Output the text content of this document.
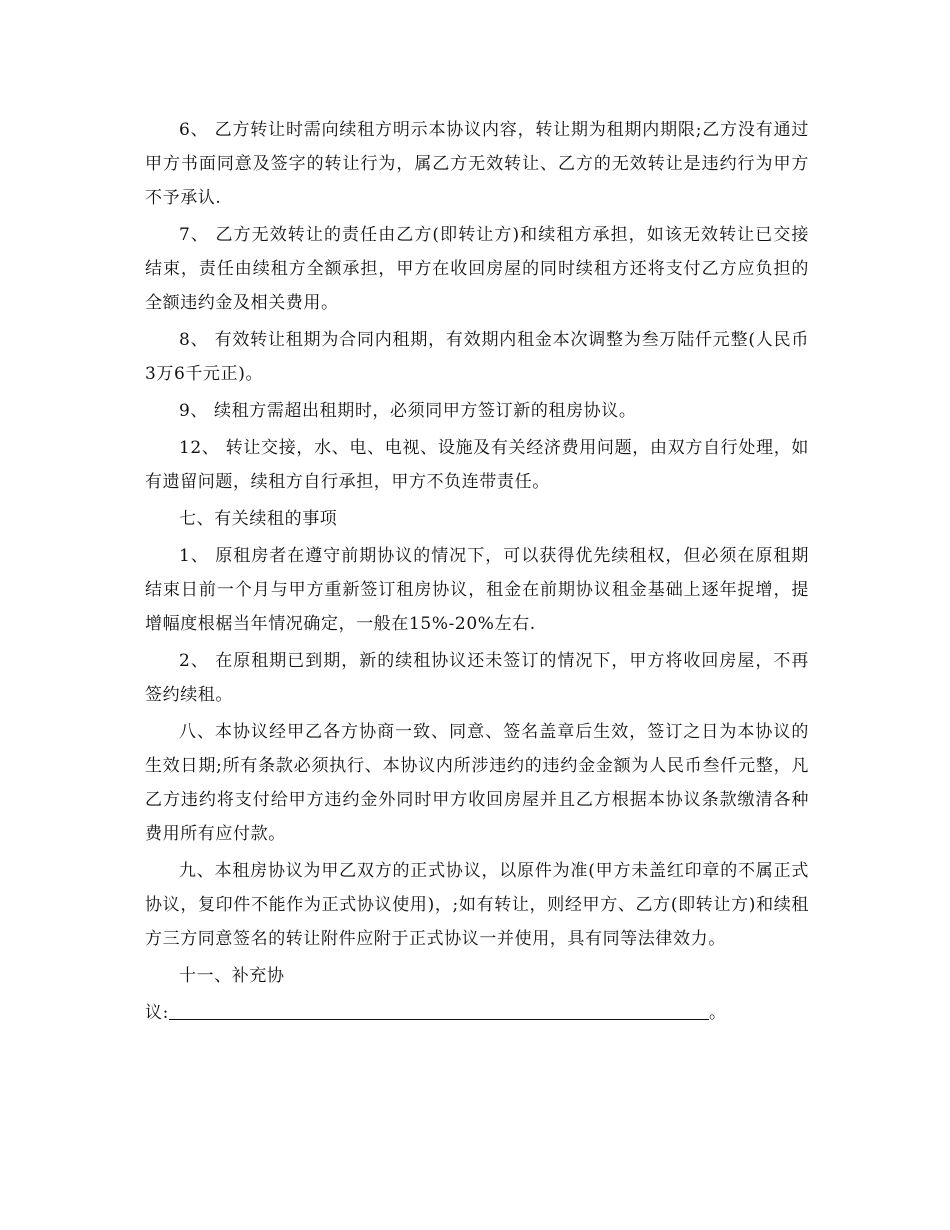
6、 乙方转让时需向续租方明示本协议内容，转让期为租期内期限;乙方没有通过甲方书面同意及签字的转让行为，属乙方无效转让、乙方的无效转让是违约行为甲方不予承认.

7、 乙方无效转让的责任由乙方(即转让方)和续租方承担，如该无效转让已交接结束，责任由续租方全额承担，甲方在收回房屋的同时续租方还将支付乙方应负担的全额违约金及相关费用。

8、 有效转让租期为合同内租期，有效期内租金本次调整为叁万陆仟元整(人民币3万6千元正)。

9、 续租方需超出租期时，必须同甲方签订新的租房协议。

12、 转让交接，水、电、电视、设施及有关经济费用问题，由双方自行处理，如有遗留问题，续租方自行承担，甲方不负连带责任。

七、有关续租的事项

1、 原租房者在遵守前期协议的情况下，可以获得优先续租权，但必须在原租期结束日前一个月与甲方重新签订租房协议，租金在前期协议租金基础上逐年捉增，提增幅度根椐当年情况确定，一般在15%-20%左右.

2、 在原租期已到期，新的续租协议还未签订的情况下，甲方将收回房屋，不再签约续租。

八、本协议经甲乙各方协商一致、同意、签名盖章后生效，签订之日为本协议的生效日期;所有条款必须执行、本协议内所涉违约的违约金金额为人民币叁仟元整，凡乙方违约将支付给甲方违约金外同时甲方收回房屋并且乙方根据本协议条款缴清各种费用所有应付款。

九、本租房协议为甲乙双方的正式协议，以原件为准(甲方未盖红印章的不属正式协议，复印件不能作为正式协议使用)，;如有转让，则经甲方、乙方(即转让方)和续租方三方同意签名的转让附件应附于正式协议一并使用，具有同等法律效力。

十一、补充协

议:	。
